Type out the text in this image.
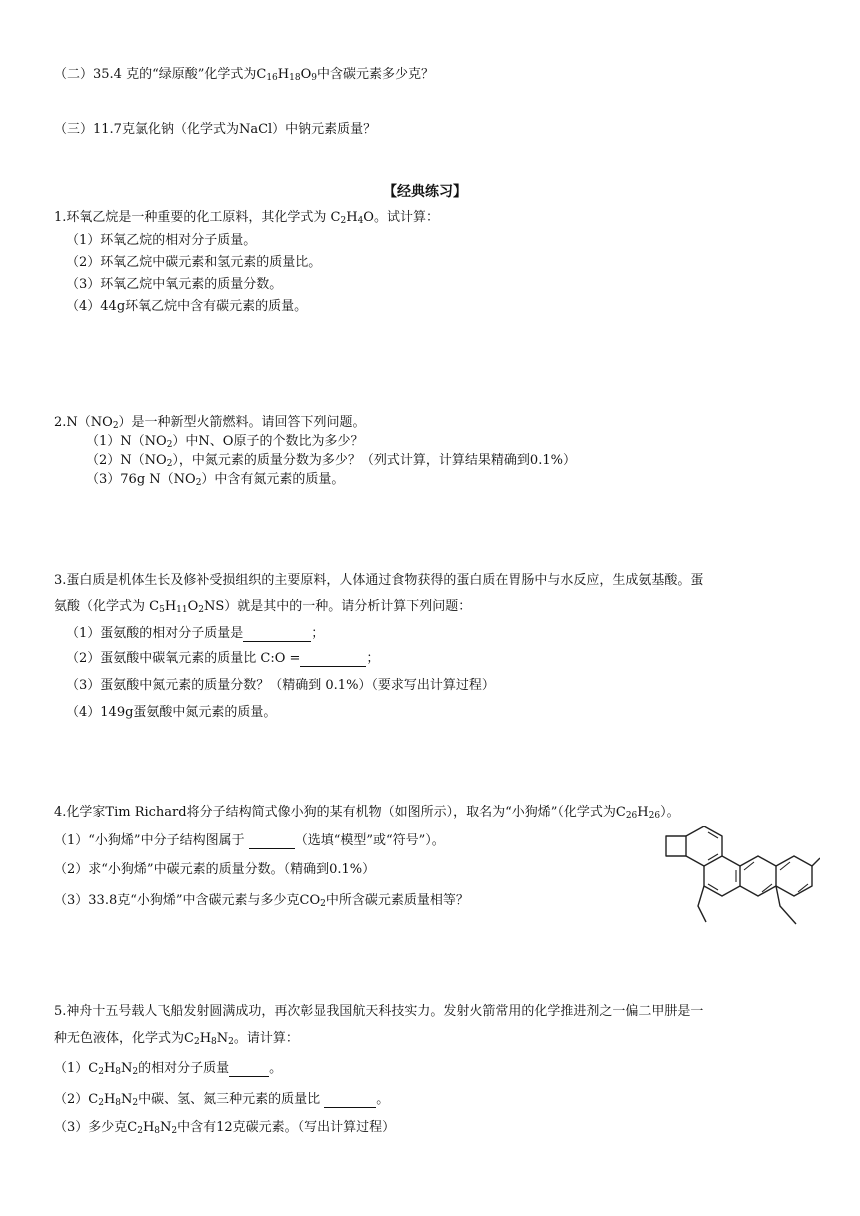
（二）35.4 克的“绿原酸”化学式为$C_{16}H_{18}O_9$中含碳元素多少克？
（三）11.7克氯化钠（化学式为NaCl）中钠元素质量？
【经典练习】
1.环氧乙烷是一种重要的化工原料，其化学式为 $C_2H_4O$。试计算：
（1）环氧乙烷的相对分子质量。
（2）环氧乙烷中碳元素和氢元素的质量比。
（3）环氧乙烷中氧元素的质量分数。
（4）44g环氧乙烷中含有碳元素的质量。
$2.N(NO_2)$是一种新型火箭燃料。请回答下列问题。
$(1)N(NO_2)$中N、O原子的个数比为多少？
$(2)N(NO_2)$，中氮元素的质量分数为多少？（列式计算，计算结果精确到0.1%）
（3）76g $N(NO_2)$中含有氮元素的质量。
3.蛋白质是机体生长及修补受损组织的主要原料，人体通过食物获得的蛋白质在胃肠中与水反应，生成氨基酸。蛋
氨酸（化学式为 $C_5H_{11}O_2NS$）就是其中的一种。请分析计算下列问题：
（1）蛋氨酸的相对分子质量是	；
（2）蛋氨酸中碳氧元素的质量比 C:O =	；
（3）蛋氨酸中氮元素的质量分数？（精确到 0.1%）（要求写出计算过程）
（4）149g蛋氨酸中氮元素的质量。
4.化学家Tim Richard将分子结构简式像小狗的某有机物（如图所示），取名为“小狗烯”（化学式为$C_{26}H_{26}$）。
（1）“小狗烯”中分子结构图属于	（选填“模型”或“符号”）。
（2）求“小狗烯”中碳元素的质量分数。（精确到0.1%）
（3）33.8克“小狗烯”中含碳元素与多少克$CO_2$中所含碳元素质量相等？
5.神舟十五号载人飞船发射圆满成功，再次彰显我国航天科技实力。发射火箭常用的化学推进剂之一偏二甲肼是一
种无色液体，化学式为$C_2H_8N_2$。请计算：
$(1)C_2H_8N_2$的相对分子质量	。
$(2)C_2H_8N_2$中碳、氢、氮三种元素的质量比	。
（3）多少克$C_2H_8N_2$中含有12克碳元素。（写出计算过程）
